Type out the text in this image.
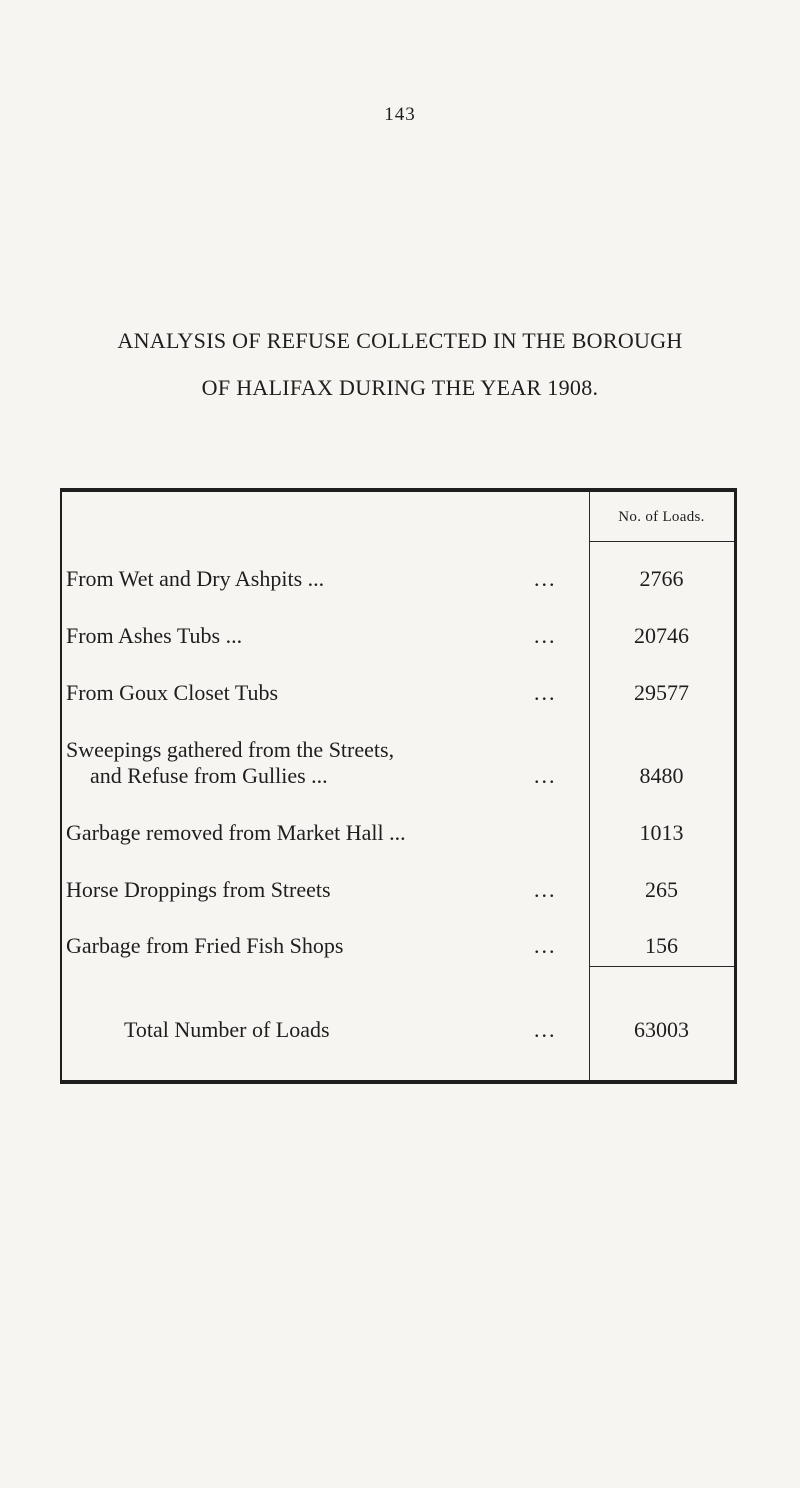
143
ANALYSIS OF REFUSE COLLECTED IN THE BOROUGH
OF HALIFAX DURING THE YEAR 1908.
No. of Loads.
From Wet and Dry Ashpits ...	...	2766
From Ashes Tubs ...	...	20746
From Goux Closet Tubs	...	29577
Sweepings gathered from the Streets,
and Refuse from Gullies ...	...	8480
Garbage removed from Market Hall ...	1013
Horse Droppings from Streets	...	265
Garbage from Fried Fish Shops	...	156
Total Number of Loads	...	63003
